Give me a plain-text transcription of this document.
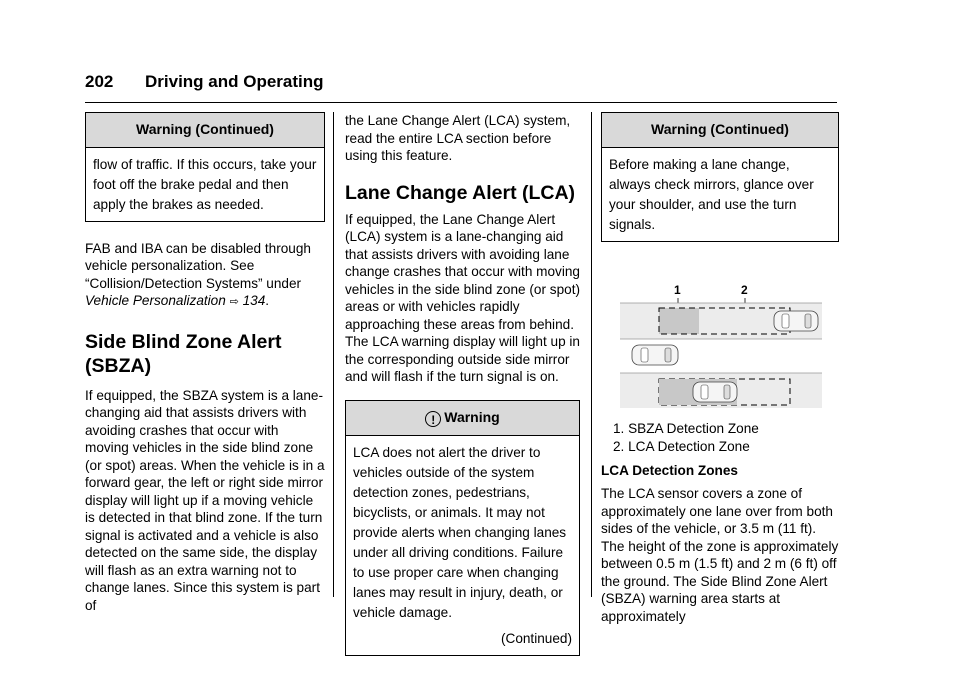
202 Driving and Operating
Warning (Continued)
flow of traffic. If this occurs, take your foot off the brake pedal and then apply the brakes as needed.

FAB and IBA can be disabled through vehicle personalization. See “Collision/Detection Systems” under Vehicle Personalization ⇨ 134.

Side Blind Zone Alert (SBZA)

If equipped, the SBZA system is a lane-changing aid that assists drivers with avoiding crashes that occur with moving vehicles in the side blind zone (or spot) areas. When the vehicle is in a forward gear, the left or right side mirror display will light up if a moving vehicle is detected in that blind zone. If the turn signal is activated and a vehicle is also detected on the same side, the display will flash as an extra warning not to change lanes. Since this system is part of

the Lane Change Alert (LCA) system, read the entire LCA section before using this feature.

Lane Change Alert (LCA)

If equipped, the Lane Change Alert (LCA) system is a lane-changing aid that assists drivers with avoiding lane change crashes that occur with moving vehicles in the side blind zone (or spot) areas or with vehicles rapidly approaching these areas from behind. The LCA warning display will light up in the corresponding outside side mirror and will flash if the turn signal is on.

! Warning
LCA does not alert the driver to vehicles outside of the system detection zones, pedestrians, bicyclists, or animals. It may not provide alerts when changing lanes under all driving conditions. Failure to use proper care when changing lanes may result in injury, death, or vehicle damage.
(Continued)
Warning (Continued)
Before making a lane change, always check mirrors, glance over your shoulder, and use the turn signals.
1	2
1. SBZA Detection Zone
2. LCA Detection Zone

LCA Detection Zones

The LCA sensor covers a zone of approximately one lane over from both sides of the vehicle, or 3.5 m (11 ft). The height of the zone is approximately between 0.5 m (1.5 ft) and 2 m (6 ft) off the ground. The Side Blind Zone Alert (SBZA) warning area starts at approximately
